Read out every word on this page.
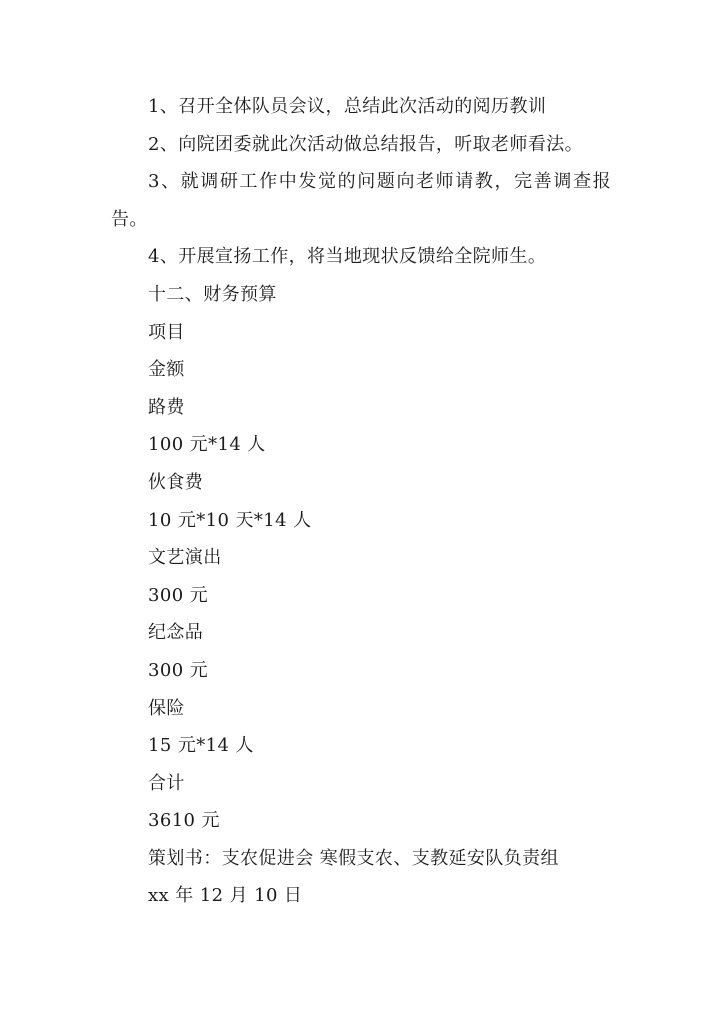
1、召开全体队员会议，总结此次活动的阅历教训

2、向院团委就此次活动做总结报告，听取老师看法。

3、就调研工作中发觉的问题向老师请教，完善调查报告。

4、开展宣扬工作，将当地现状反馈给全院师生。

十二、财务预算

项目

金额

路费

100 元*14 人

伙食费

10 元*10 天*14 人

文艺演出

300 元

纪念品

300 元

保险

15 元*14 人

合计

3610 元

策划书：支农促进会 寒假支农、支教延安队负责组

xx 年 12 月 10 日
